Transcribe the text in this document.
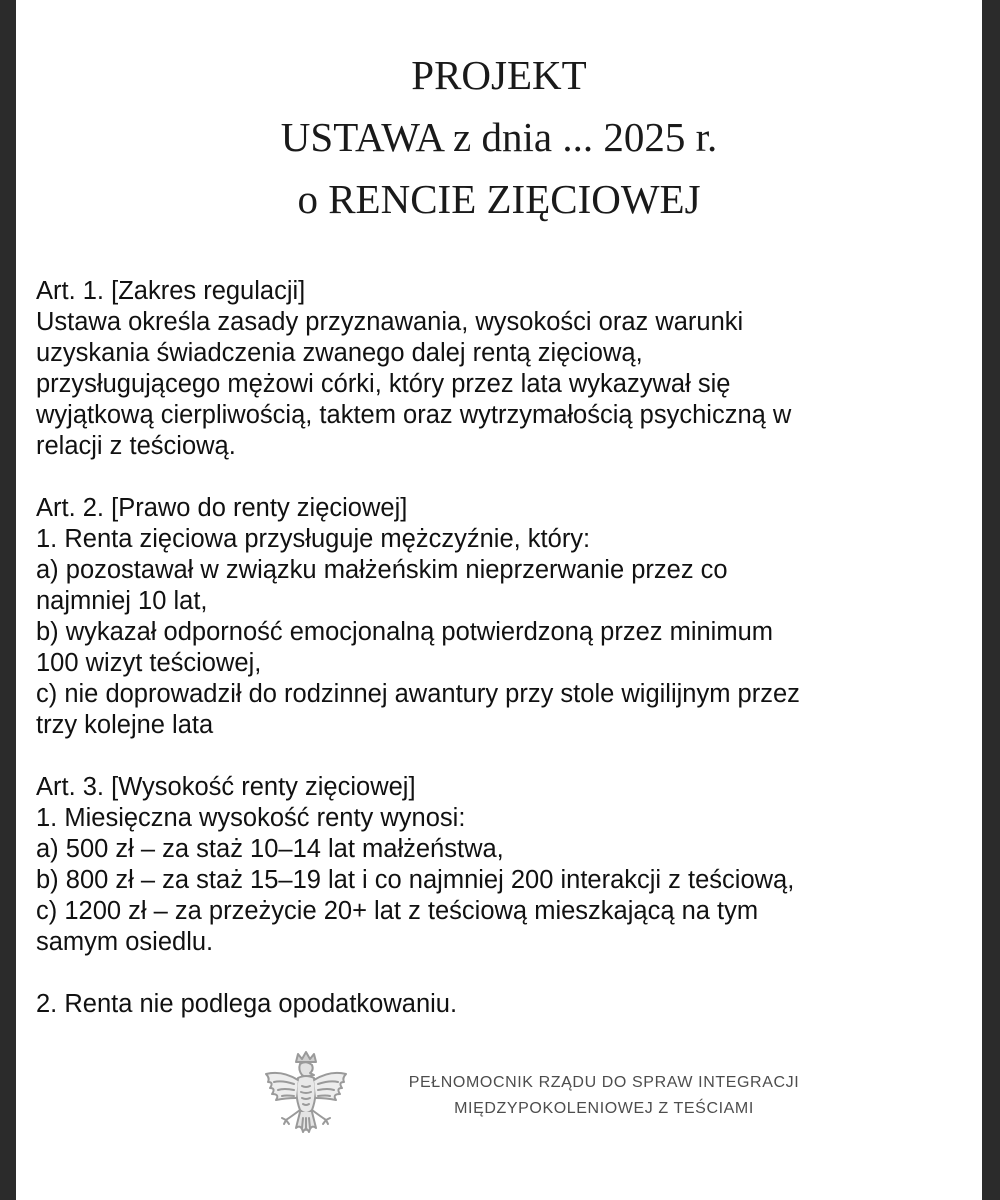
PROJEKT
USTAWA z dnia ... 2025 r.
o RENCIE ZIĘCIOWEJ
Art. 1. [Zakres regulacji]
Ustawa określa zasady przyznawania, wysokości oraz warunki
uzyskania świadczenia zwanego dalej rentą zięciową,
przysługującego mężowi córki, który przez lata wykazywał się
wyjątkową cierpliwością, taktem oraz wytrzymałością psychiczną w
relacji z teściową.
Art. 2. [Prawo do renty zięciowej]
1. Renta zięciowa przysługuje mężczyźnie, który:
a) pozostawał w związku małżeńskim nieprzerwanie przez co
najmniej 10 lat,
b) wykazał odporność emocjonalną potwierdzoną przez minimum
100 wizyt teściowej,
c) nie doprowadził do rodzinnej awantury przy stole wigilijnym przez
trzy kolejne lata
Art. 3. [Wysokość renty zięciowej]
1. Miesięczna wysokość renty wynosi:
a) 500 zł – za staż 10–14 lat małżeństwa,
b) 800 zł – za staż 15–19 lat i co najmniej 200 interakcji z teściową,
c) 1200 zł – za przeżycie 20+ lat z teściową mieszkającą na tym
samym osiedlu.
2. Renta nie podlega opodatkowaniu.
PEŁNOMOCNIK RZĄDU DO SPRAW INTEGRACJI
MIĘDZYPOKOLENIOWEJ Z TEŚCIAMI
